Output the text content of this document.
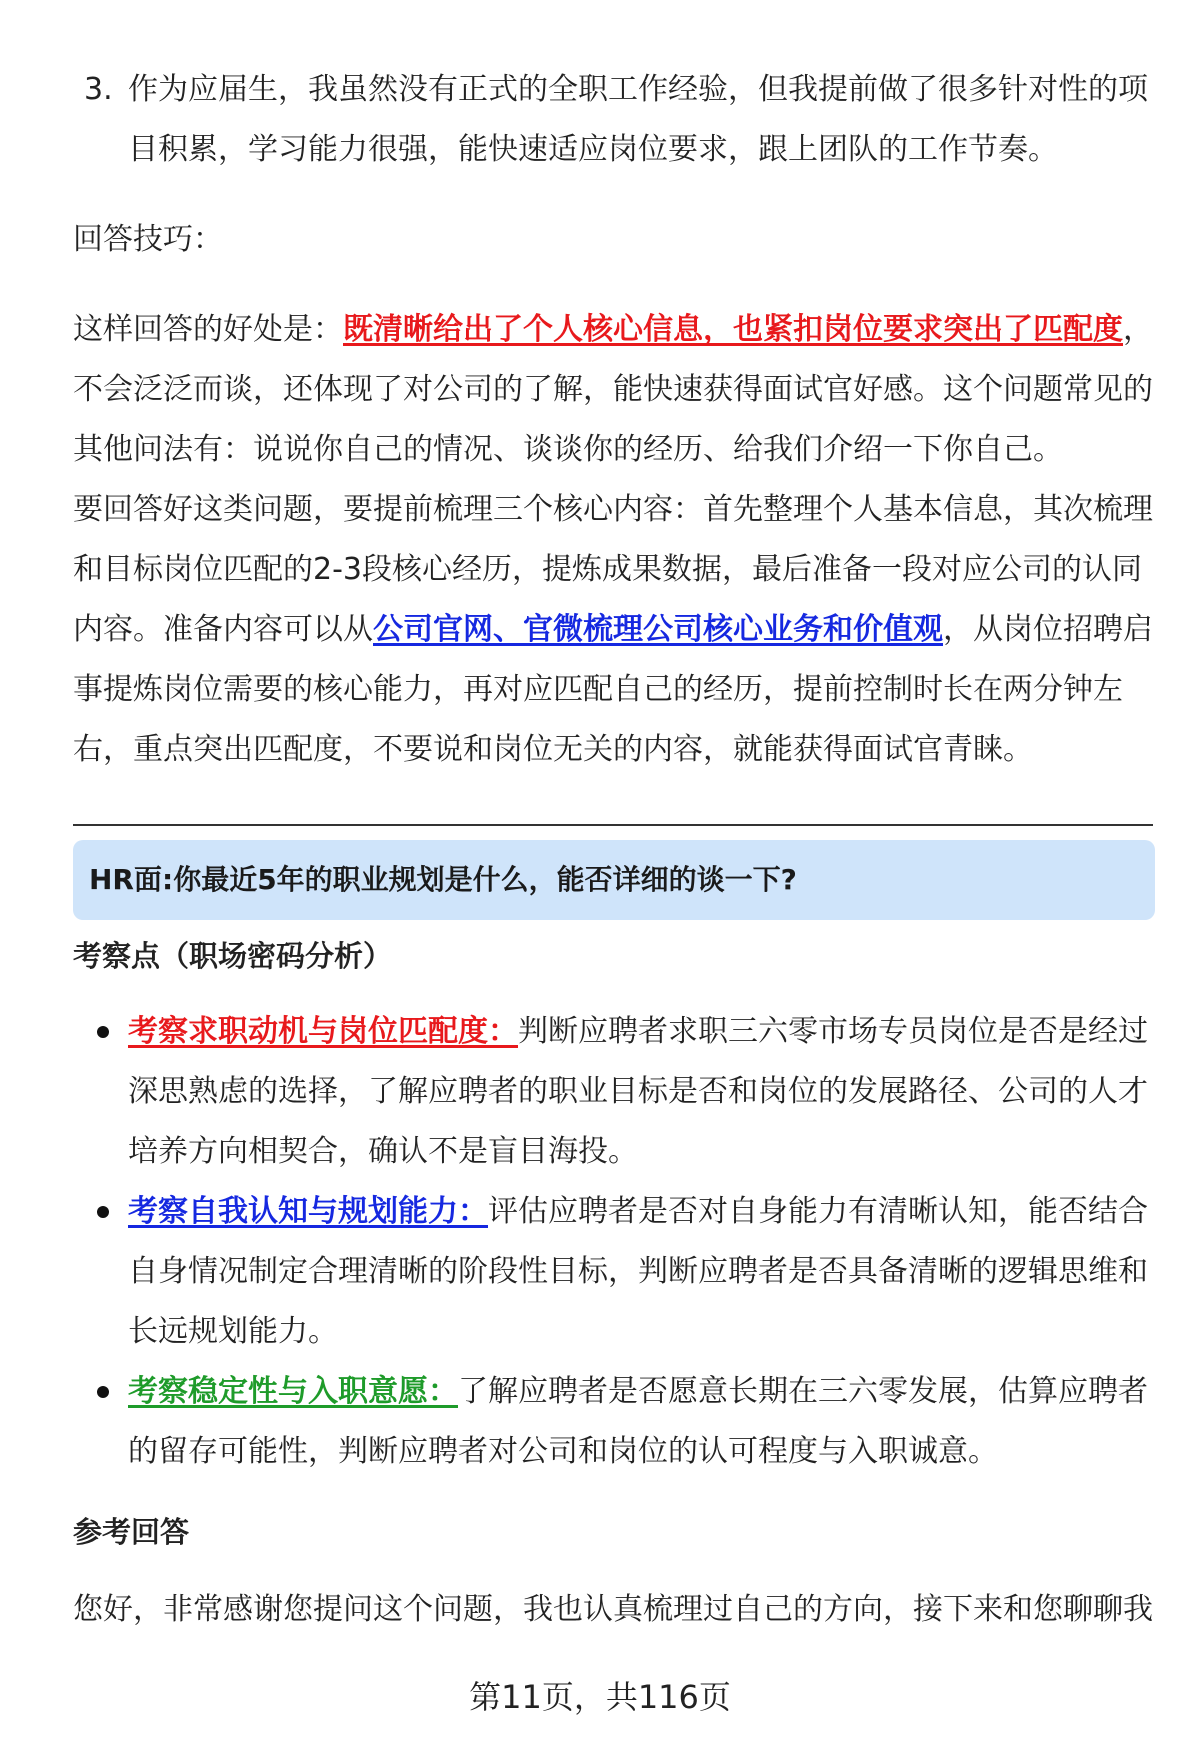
3. 作为应届生，我虽然没有正式的全职工作经验，但我提前做了很多针对性的项目积累，学习能力很强，能快速适应岗位要求，跟上团队的工作节奏。

回答技巧：

这样回答的好处是：既清晰给出了个人核心信息，也紧扣岗位要求突出了匹配度，不会泛泛而谈，还体现了对公司的了解，能快速获得面试官好感。这个问题常见的其他问法有：说说你自己的情况、谈谈你的经历、给我们介绍一下你自己。

要回答好这类问题，要提前梳理三个核心内容：首先整理个人基本信息，其次梳理和目标岗位匹配的2-3段核心经历，提炼成果数据，最后准备一段对应公司的认同内容。准备内容可以从公司官网、官微梳理公司核心业务和价值观，从岗位招聘启事提炼岗位需要的核心能力，再对应匹配自己的经历，提前控制时长在两分钟左右，重点突出匹配度，不要说和岗位无关的内容，就能获得面试官青睐。

HR面:你最近5年的职业规划是什么，能否详细的谈一下?

考察点（职场密码分析）

考察求职动机与岗位匹配度：判断应聘者求职三六零市场专员岗位是否是经过深思熟虑的选择，了解应聘者的职业目标是否和岗位的发展路径、公司的人才培养方向相契合，确认不是盲目海投。
考察自我认知与规划能力：评估应聘者是否对自身能力有清晰认知，能否结合自身情况制定合理清晰的阶段性目标，判断应聘者是否具备清晰的逻辑思维和长远规划能力。
考察稳定性与入职意愿：了解应聘者是否愿意长期在三六零发展，估算应聘者的留存可能性，判断应聘者对公司和岗位的认可程度与入职诚意。

参考回答

您好，非常感谢您提问这个问题，我也认真梳理过自己的方向，接下来和您聊聊我

第11页，共116页
